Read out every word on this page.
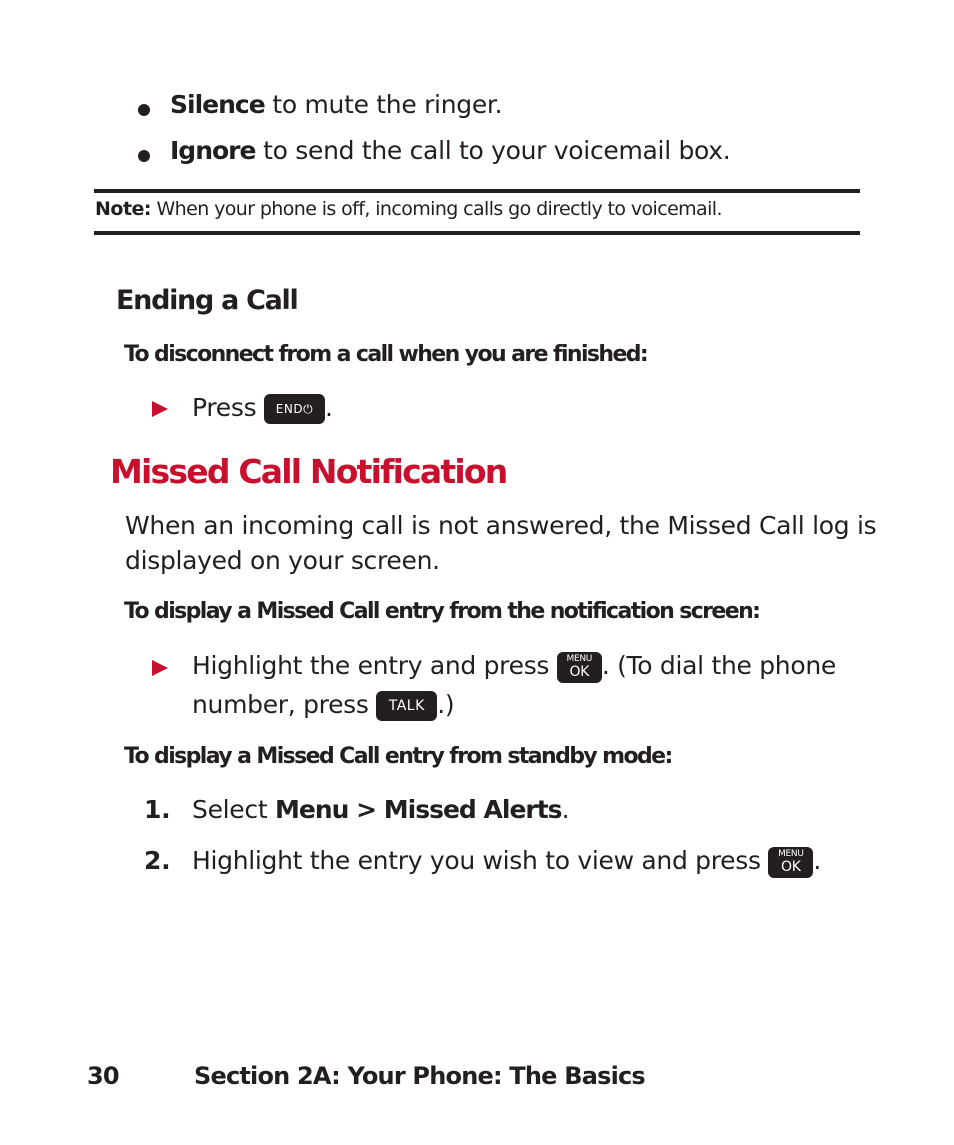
Silence to mute the ringer.
Ignore to send the call to your voicemail box.
Note: When your phone is off, incoming calls go directly to voicemail.
Ending a Call
To disconnect from a call when you are finished:
Press END⏻ .
Missed Call Notification
When an incoming call is not answered, the Missed Call log is
displayed on your screen.
To display a Missed Call entry from the notification screen:
Highlight the entry and press	MENU
OK . (To dial the phone
number, press TALK .)
To display a Missed Call entry from standby mode:
1. Select Menu > Missed Alerts.
2. Highlight the entry you wish to view and press	MENU
OK .
30	Section 2A: Your Phone: The Basics
